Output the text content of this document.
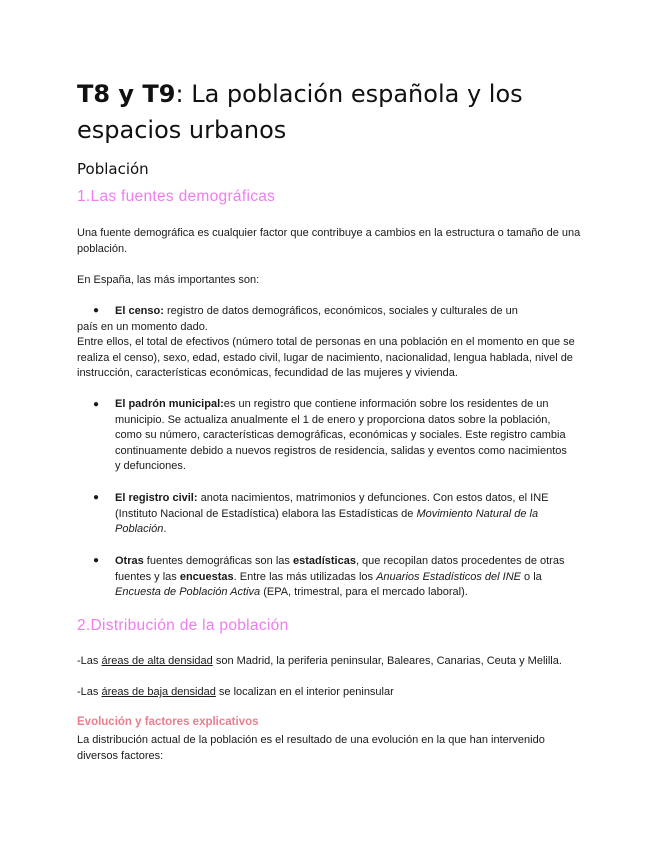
T8 y T9: La población española y los espacios urbanos
Población
1.Las fuentes demográficas
Una fuente demográfica es cualquier factor que contribuye a cambios en la estructura o tamaño de una población.
En España, las más importantes son:
● El censo: registro de datos demográficos, económicos, sociales y culturales de un
país en un momento dado.
Entre ellos, el total de efectivos (número total de personas en una población en el momento en que se realiza el censo), sexo, edad, estado civil, lugar de nacimiento, nacionalidad, lengua hablada, nivel de instrucción, características económicas, fecundidad de las mujeres y vivienda.
● El padrón municipal:es un registro que contiene información sobre los residentes de un municipio. Se actualiza anualmente el 1 de enero y proporciona datos sobre la población, como su número, características demográficas, económicas y sociales. Este registro cambia continuamente debido a nuevos registros de residencia, salidas y eventos como nacimientos y defunciones.
● El registro civil: anota nacimientos, matrimonios y defunciones. Con estos datos, el INE (Instituto Nacional de Estadística) elabora las Estadísticas de Movimiento Natural de la Población.
● Otras fuentes demográficas son las estadísticas, que recopilan datos procedentes de otras fuentes y las encuestas. Entre las más utilizadas los Anuarios Estadísticos del INE o la Encuesta de Población Activa (EPA, trimestral, para el mercado laboral).
2.Distribución de la población
-Las áreas de alta densidad son Madrid, la periferia peninsular, Baleares, Canarias, Ceuta y Melilla.
-Las áreas de baja densidad se localizan en el interior peninsular
Evolución y factores explicativos
La distribución actual de la población es el resultado de una evolución en la que han intervenido diversos factores:
